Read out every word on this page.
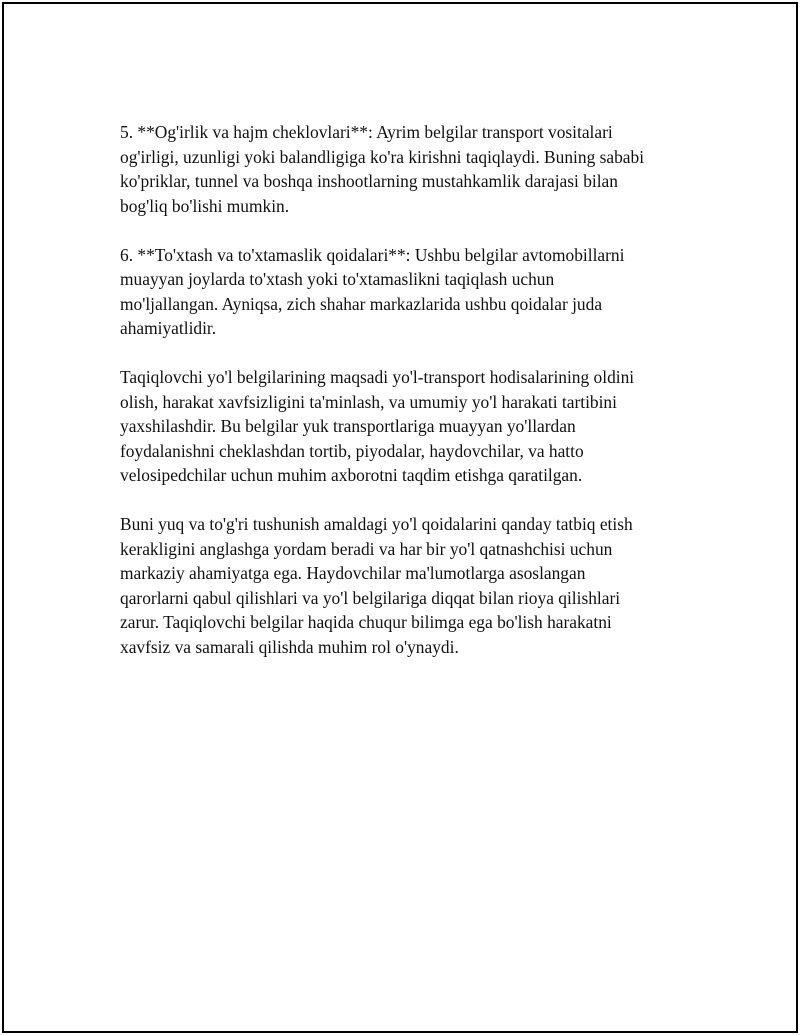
5. **Og'irlik va hajm cheklovlari**: Ayrim belgilar transport vositalari
og'irligi, uzunligi yoki balandligiga ko'ra kirishni taqiqlaydi. Buning sababi
ko'priklar, tunnel va boshqa inshootlarning mustahkamlik darajasi bilan
bog'liq bo'lishi mumkin.

6. **To'xtash va to'xtamaslik qoidalari**: Ushbu belgilar avtomobillarni
muayyan joylarda to'xtash yoki to'xtamaslikni taqiqlash uchun
mo'ljallangan. Ayniqsa, zich shahar markazlarida ushbu qoidalar juda
ahamiyatlidir.

Taqiqlovchi yo'l belgilarining maqsadi yo'l-transport hodisalarining oldini
olish, harakat xavfsizligini ta'minlash, va umumiy yo'l harakati tartibini
yaxshilashdir. Bu belgilar yuk transportlariga muayyan yo'llardan
foydalanishni cheklashdan tortib, piyodalar, haydovchilar, va hatto
velosipedchilar uchun muhim axborotni taqdim etishga qaratilgan.

Buni yuq va to'g'ri tushunish amaldagi yo'l qoidalarini qanday tatbiq etish
kerakligini anglashga yordam beradi va har bir yo'l qatnashchisi uchun
markaziy ahamiyatga ega. Haydovchilar ma'lumotlarga asoslangan
qarorlarni qabul qilishlari va yo'l belgilariga diqqat bilan rioya qilishlari
zarur. Taqiqlovchi belgilar haqida chuqur bilimga ega bo'lish harakatni
xavfsiz va samarali qilishda muhim rol o'ynaydi.
